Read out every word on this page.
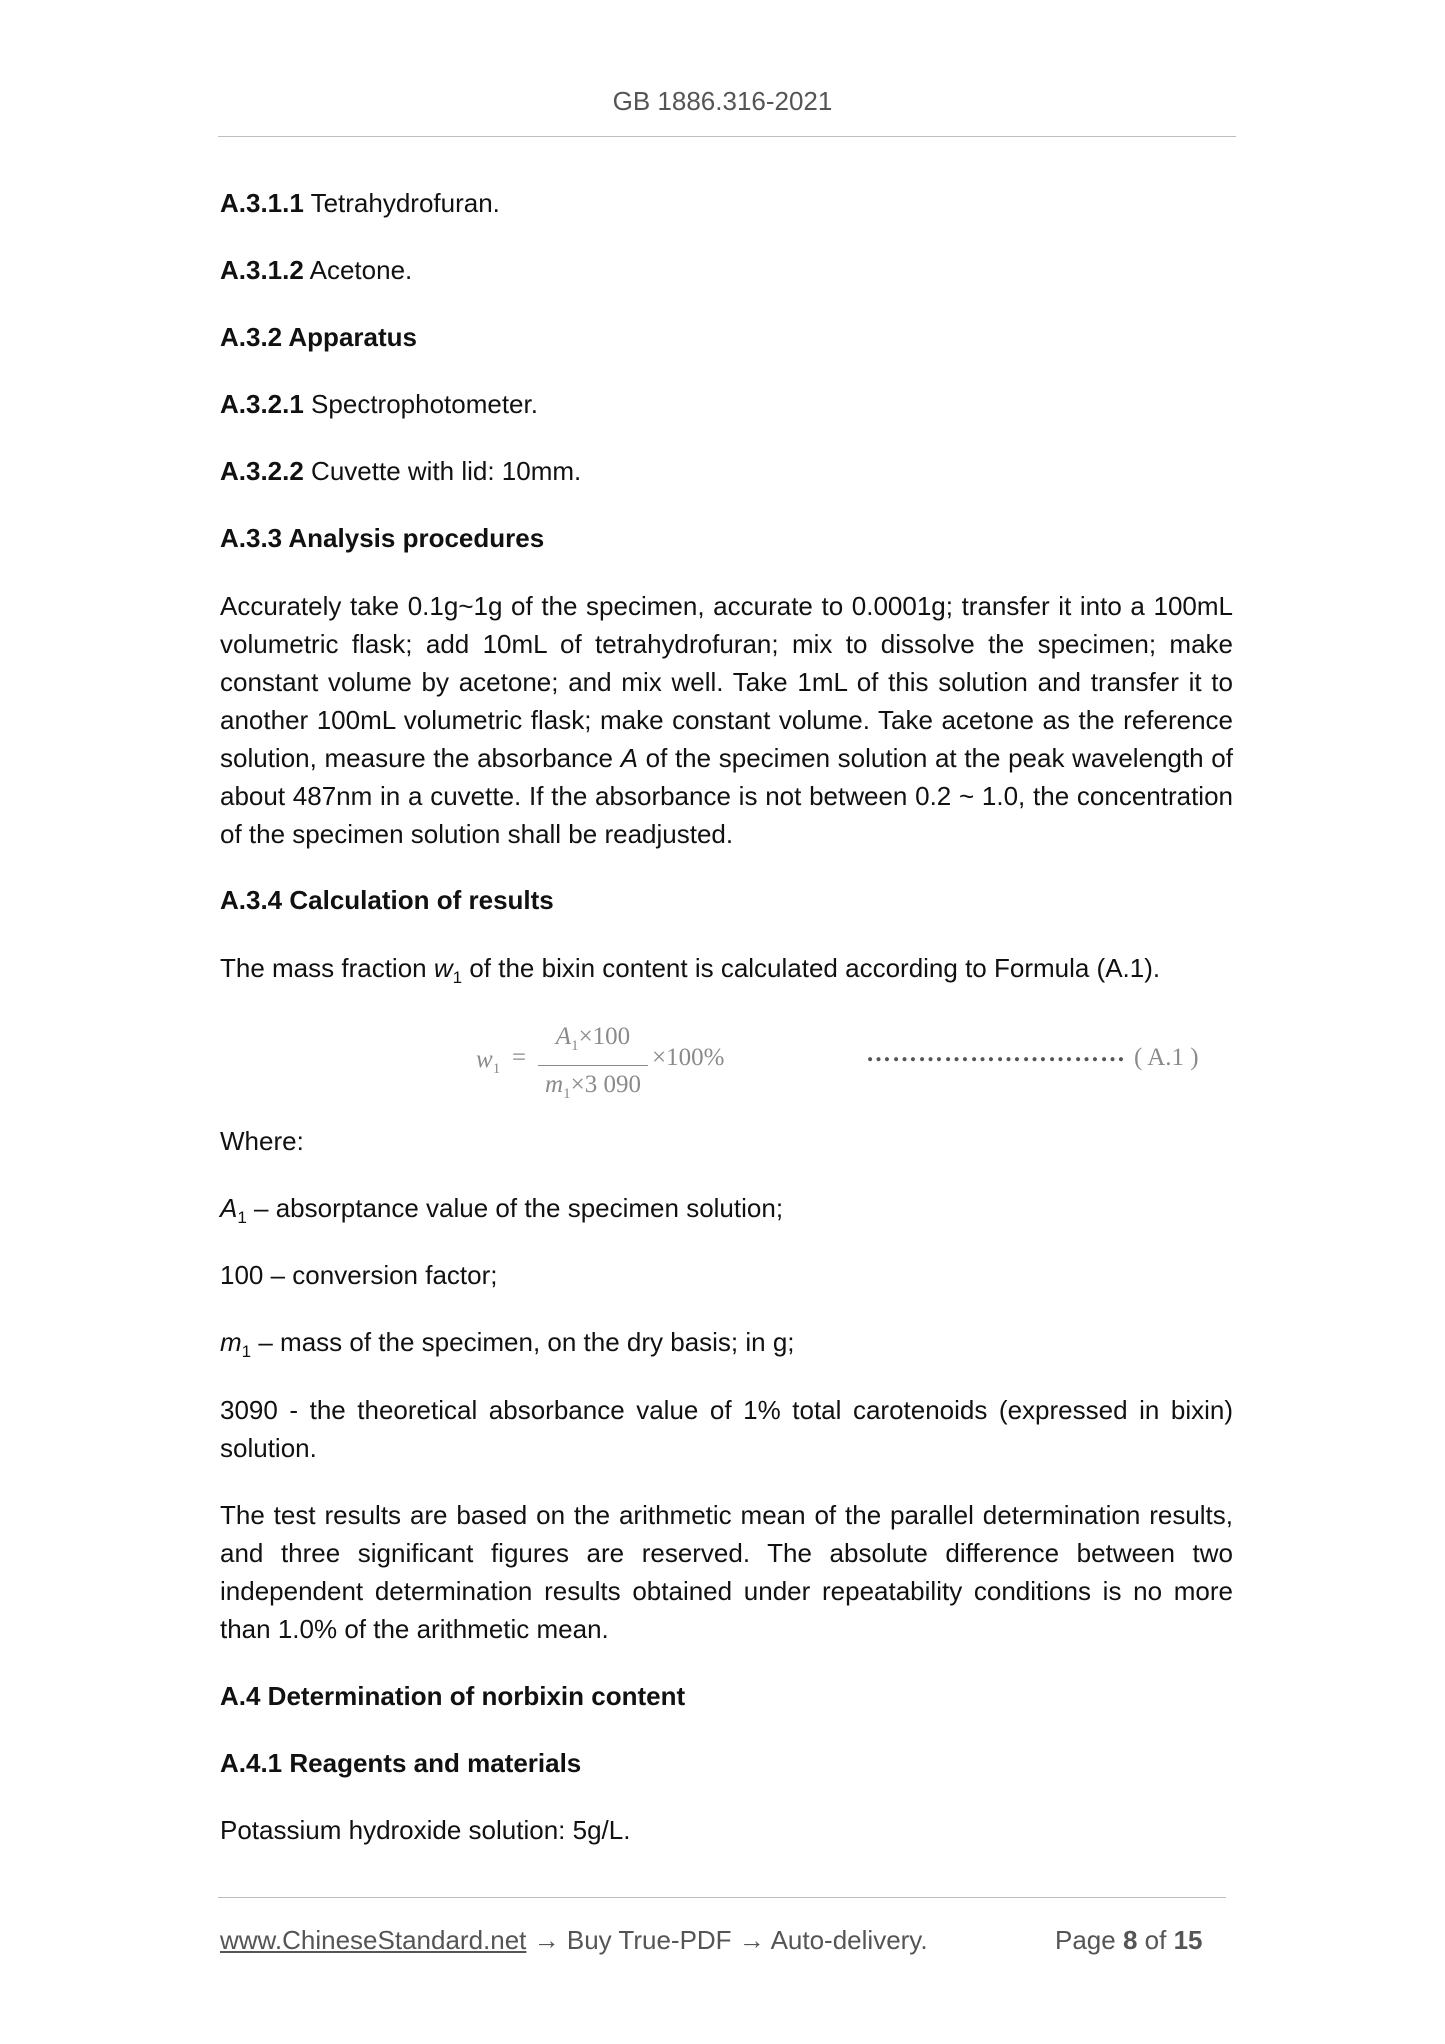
GB 1886.316-2021

A.3.1.1 Tetrahydrofuran.

A.3.1.2 Acetone.

A.3.2 Apparatus

A.3.2.1 Spectrophotometer.

A.3.2.2 Cuvette with lid: 10mm.

A.3.3 Analysis procedures

Accurately take 0.1g~1g of the specimen, accurate to 0.0001g; transfer it into a 100mL volumetric flask; add 10mL of tetrahydrofuran; mix to dissolve the specimen; make constant volume by acetone; and mix well. Take 1mL of this solution and transfer it to another 100mL volumetric flask; make constant volume. Take acetone as the reference solution, measure the absorbance A of the specimen solution at the peak wavelength of about 487nm in a cuvette. If the absorbance is not between 0.2 ~ 1.0, the concentration of the specimen solution shall be readjusted.

A.3.4 Calculation of results

The mass fraction $w_1$ of the bixin content is calculated according to Formula (A.1).

$w_1$ =
$A_1\times 100$
$m_1\times 3$ 090
×100%	………………………… ( A.1 )

Where:

$A_1$ – absorptance value of the specimen solution;

100 – conversion factor;

$m_1$ – mass of the specimen, on the dry basis; in g;

3090 - the theoretical absorbance value of 1% total carotenoids (expressed in bixin) solution.

The test results are based on the arithmetic mean of the parallel determination results, and three significant figures are reserved. The absolute difference between two independent determination results obtained under repeatability conditions is no more than 1.0% of the arithmetic mean.

A.4 Determination of norbixin content

A.4.1 Reagents and materials

Potassium hydroxide solution: 5g/L.

www.ChineseStandard.net → Buy True-PDF → Auto-delivery.	Page 8 of 15
